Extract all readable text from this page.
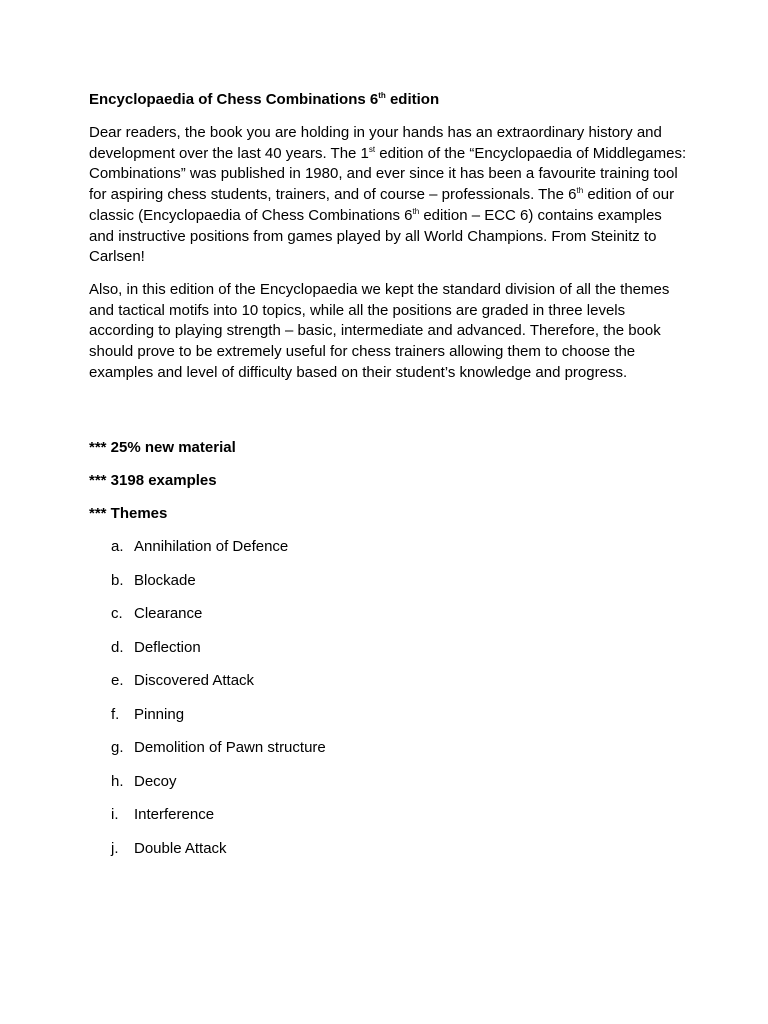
Encyclopaedia of Chess Combinations 6th edition

Dear readers, the book you are holding in your hands has an extraordinary history and development over the last 40 years. The 1st edition of the “Encyclopaedia of Middlegames: Combinations” was published in 1980, and ever since it has been a favourite training tool for aspiring chess students, trainers, and of course – professionals. The 6th edition of our classic (Encyclopaedia of Chess Combinations 6th edition – ECC 6) contains examples and instructive positions from games played by all World Champions. From Steinitz to Carlsen!

Also, in this edition of the Encyclopaedia we kept the standard division of all the themes and tactical motifs into 10 topics, while all the positions are graded in three levels according to playing strength – basic, intermediate and advanced. Therefore, the book should prove to be extremely useful for chess trainers allowing them to choose the examples and level of difficulty based on their student’s knowledge and progress.

*** 25% new material
*** 3198 examples
*** Themes
a. Annihilation of Defence
b. Blockade
c. Clearance
d. Deflection
e. Discovered Attack
f. Pinning
g. Demolition of Pawn structure
h. Decoy
i. Interference
j. Double Attack
